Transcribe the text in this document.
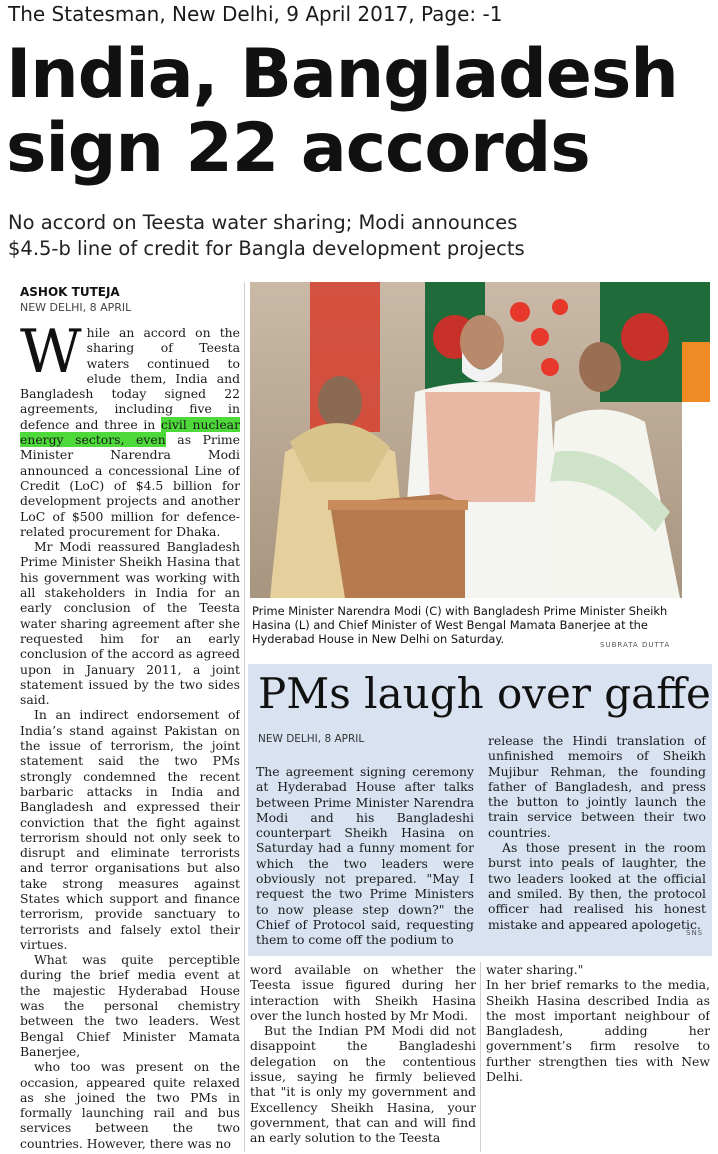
The Statesman, New Delhi, 9 April 2017, Page: -1
India, Bangladesh
sign 22 accords
No accord on Teesta water sharing; Modi announces
$4.5-b line of credit for Bangla development projects
ASHOK TUTEJA
NEW DELHI, 8 APRIL

While an accord on the sharing of Teesta waters continued to elude them, India and Bangladesh today signed 22 agreements, including five in defence and three in civil nuclear energy sectors, even as Prime Minister Narendra Modi announced a concessional Line of Credit (LoC) of $4.5 billion for development projects and another LoC of $500 million for defence-related procurement for Dhaka.

Mr Modi reassured Bangladesh Prime Minister Sheikh Hasina that his government was working with all stakeholders in India for an early conclusion of the Teesta water sharing agreement after she requested him for an early conclusion of the accord as agreed upon in January 2011, a joint statement issued by the two sides said.

In an indirect endorsement of India’s stand against Pakistan on the issue of terrorism, the joint statement said the two PMs strongly condemned the recent barbaric attacks in India and Bangladesh and expressed their conviction that the fight against terrorism should not only seek to disrupt and eliminate terrorists and terror organisations but also take strong measures against States which support and finance terrorism, provide sanctuary to terrorists and falsely extol their virtues.

What was quite perceptible during the brief media event at the majestic Hyderabad House was the personal chemistry between the two leaders. West Bengal Chief Minister Mamata Banerjee,

who too was present on the occasion, appeared quite relaxed as she joined the two PMs in formally launching rail and bus services between the two countries. However, there was no

Prime Minister Narendra Modi (C) with Bangladesh Prime Minister Sheikh Hasina (L) and Chief Minister of West Bengal Mamata Banerjee at the Hyderabad House in New Delhi on Saturday.	SUBRATA DUTTA
PMs laugh over gaffe
NEW DELHI, 8 APRIL

The agreement signing ceremony at Hyderabad House after talks between Prime Minister Narendra Modi and his Bangladeshi counterpart Sheikh Hasina on Saturday had a funny moment for which the two leaders were obviously not prepared. "May I request the two Prime Ministers to now please step down?" the Chief of Protocol said, requesting them to come off the podium to

release the Hindi translation of unfinished memoirs of Sheikh Mujibur Rehman, the founding father of Bangladesh, and press the button to jointly launch the train service between their two countries.

As those present in the room burst into peals of laughter, the two leaders looked at the official and smiled. By then, the protocol officer had realised his honest mistake and appeared apologetic.

SNS

word available on whether the Teesta issue figured during her interaction with Sheikh Hasina over the lunch hosted by Mr Modi.

But the Indian PM Modi did not disappoint the Bangladeshi delegation on the contentious issue, saying he firmly believed that "it is only my government and Excellency Sheikh Hasina, your government, that can and will find an early solution to the Teesta

water sharing."

In her brief remarks to the media, Sheikh Hasina described India as the most important neighbour of Bangladesh, adding her government’s firm resolve to further strengthen ties with New Delhi.
